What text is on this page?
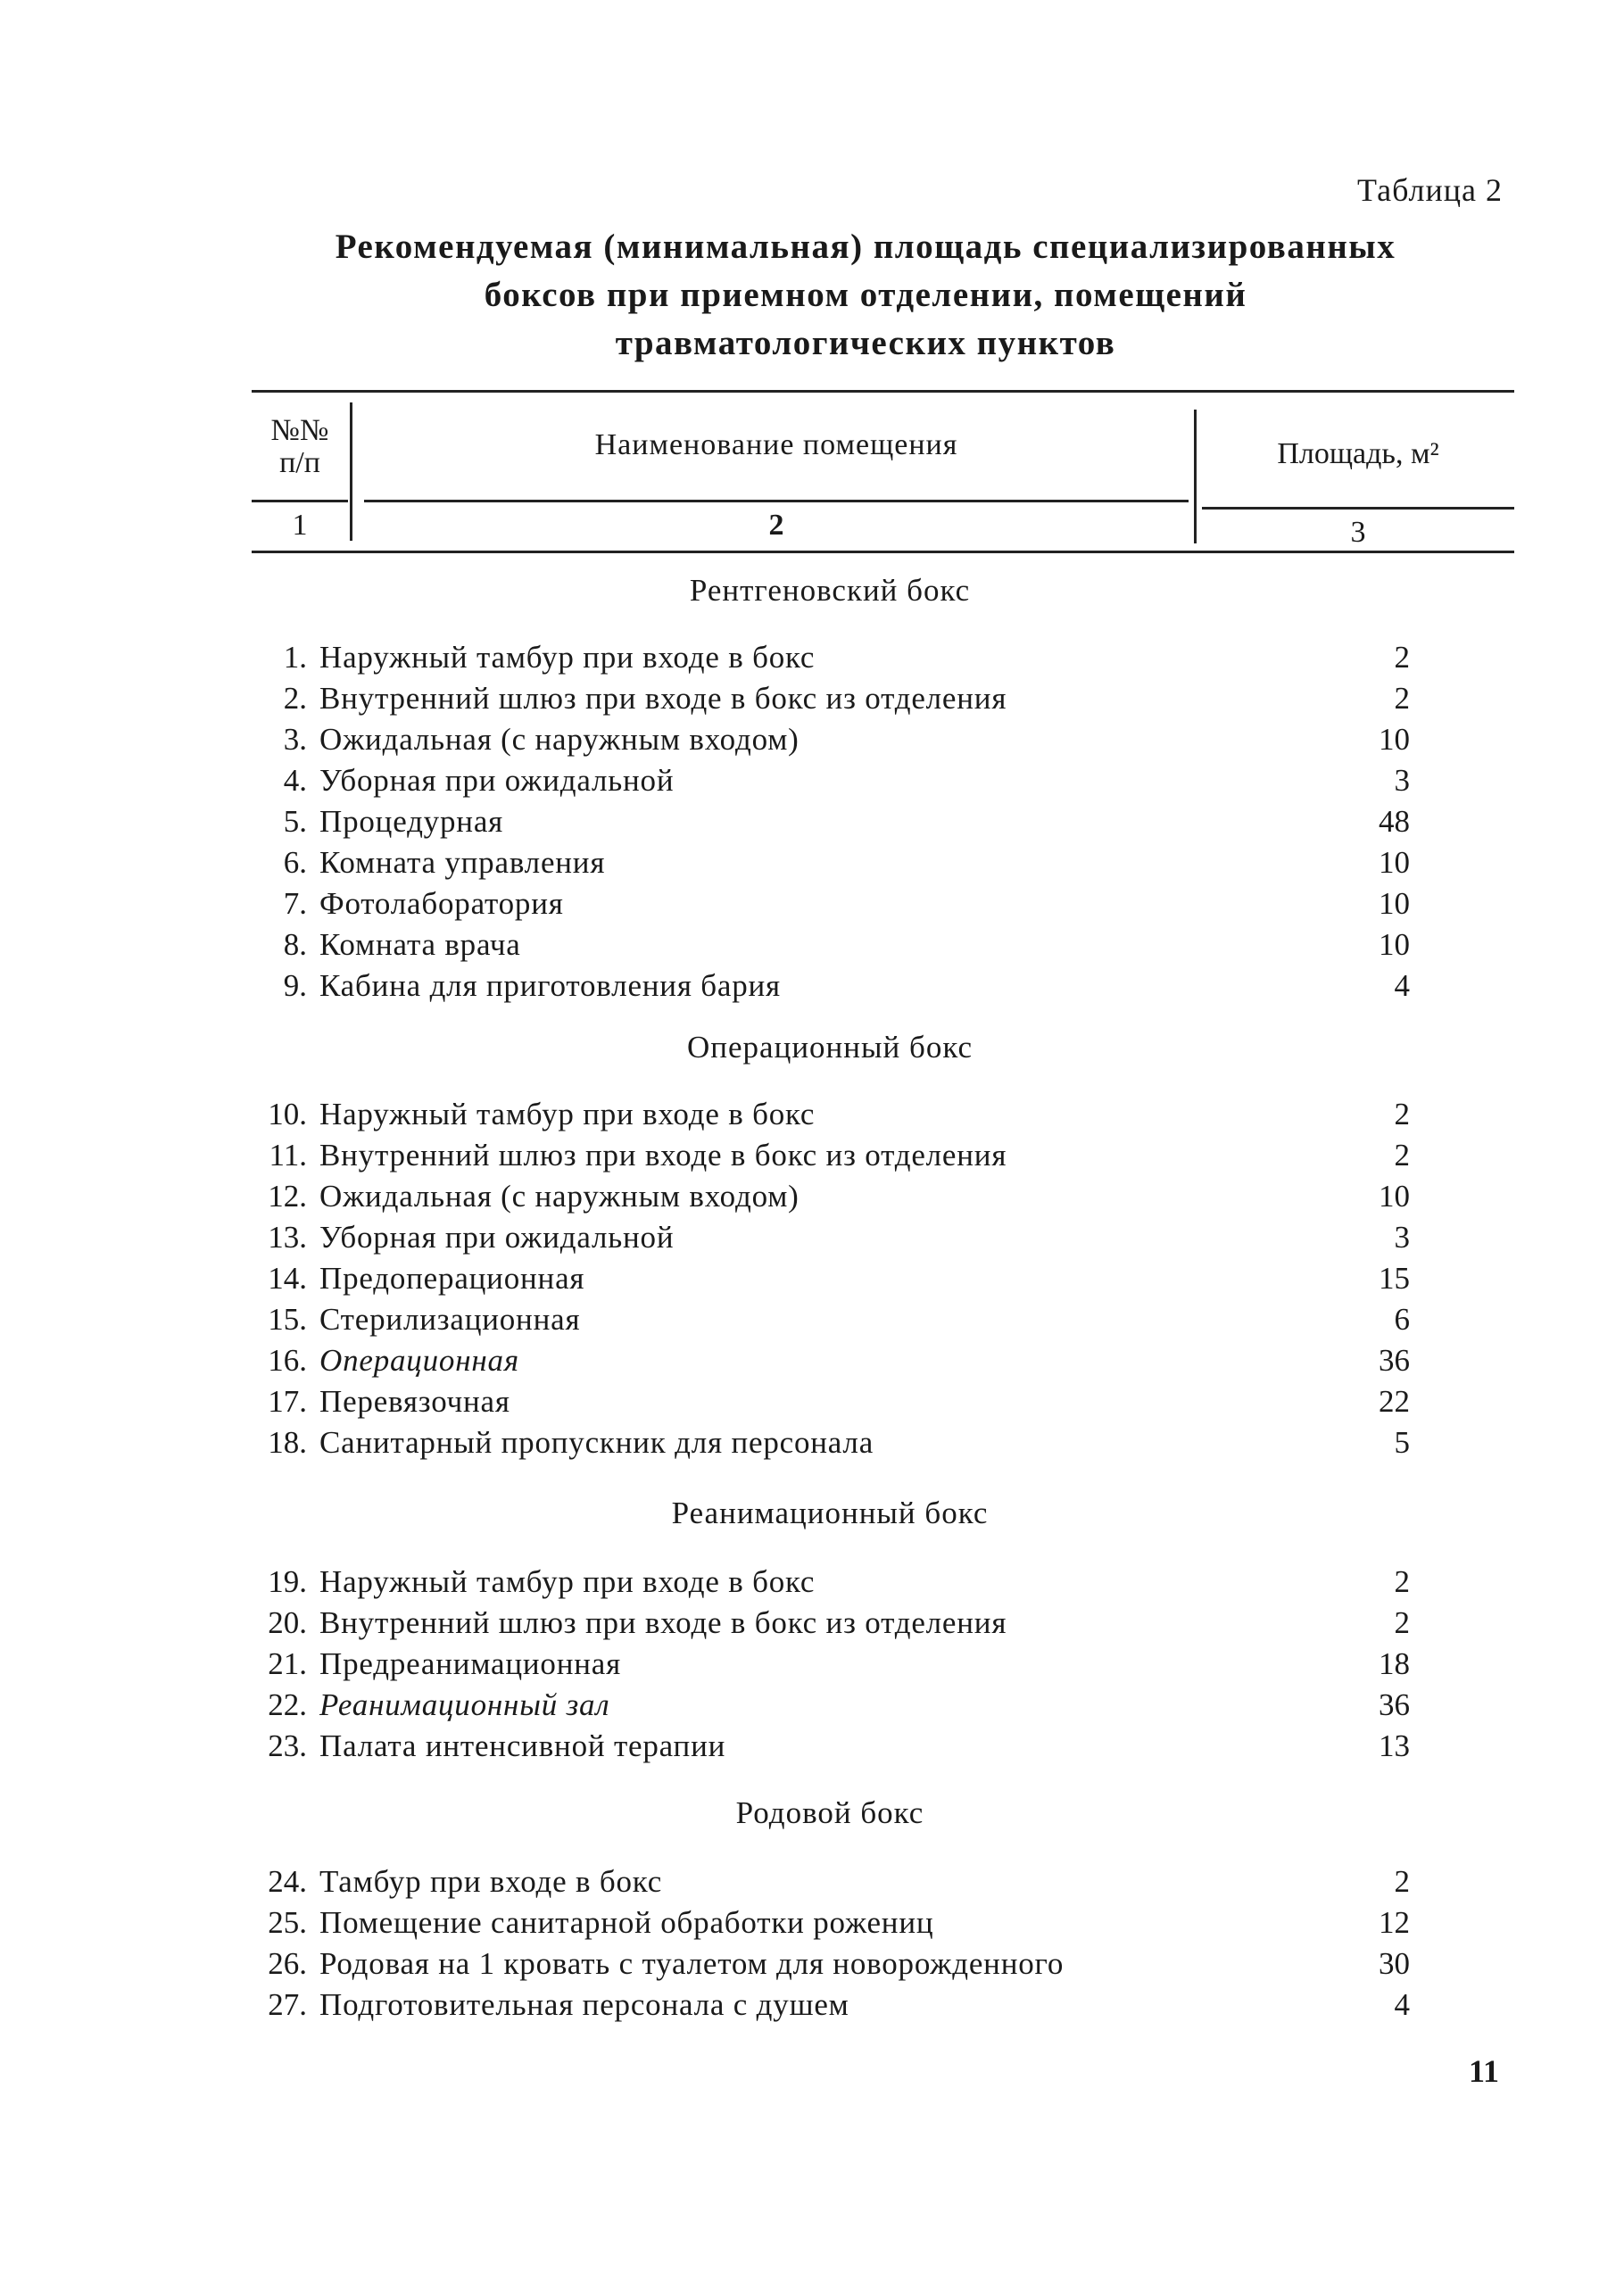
Таблица 2
Рекомендуемая (минимальная) площадь специализированных
боксов при приемном отделении, помещений
травматологических пунктов
№№
п/п
Наименование помещения	Площадь, м²
1	2	3
Рентгеновский бокс
1. Наружный тамбур при входе в бокс	2
2. Внутренний шлюз при входе в бокс из отделения	2
3. Ожидальная (с наружным входом)	10
4. Уборная при ожидальной	3
5. Процедурная	48
6. Комната управления	10
7. Фотолаборатория	10
8. Комната врача	10
9. Кабина для приготовления бария	4
Операционный бокс
10. Наружный тамбур при входе в бокс	2
11. Внутренний шлюз при входе в бокс из отделения	2
12. Ожидальная (с наружным входом)	10
13. Уборная при ожидальной	3
14. Предоперационная	15
15. Стерилизационная	6
16. Операционная	36
17. Перевязочная	22
18. Санитарный пропускник для персонала	5
Реанимационный бокс
19. Наружный тамбур при входе в бокс	2
20. Внутренний шлюз при входе в бокс из отделения	2
21. Предреанимационная	18
22. Реанимационный зал	36
23. Палата интенсивной терапии	13
Родовой бокс
24. Тамбур при входе в бокс	2
25. Помещение санитарной обработки рожениц	12
26. Родовая на 1 кровать с туалетом для новорожденного	30
27. Подготовительная персонала с душем	4
11
